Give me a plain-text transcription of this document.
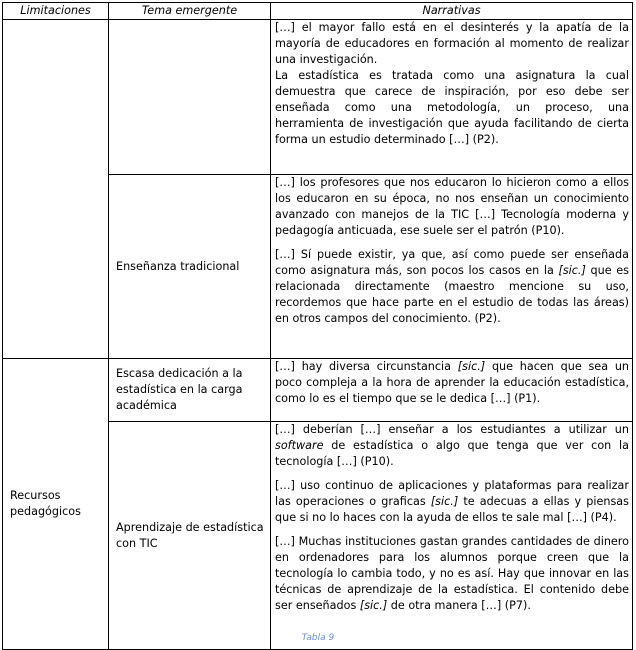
Limitaciones	Tema emergente	Narrativas

		[…] el mayor fallo está en el desinterés y la apatía de la mayoría de educadores en formación al momento de realizar una investigación.

La estadística es tratada como una asignatura la cual demuestra que carece de inspiración, por eso debe ser enseñada como una metodología, un proceso, una herramienta de investigación que ayuda facilitando de cierta forma un estudio determinado […] (P2).

	Enseñanza tradicional	[…] los profesores que nos educaron lo hicieron como a ellos los educaron en su época, no nos enseñan un conocimiento avanzado con manejos de la TIC […] Tecnología moderna y pedagogía anticuada, ese suele ser el patrón (P10).

[…] Sí puede existir, ya que, así como puede ser enseñada como asignatura más, son pocos los casos en la [sic.] que es relacionada directamente (maestro mencione su uso, recordemos que hace parte en el estudio de todas las áreas) en otros campos del conocimiento. (P2).

Recursos pedagógicos	Escasa dedicación a la estadística en la carga académica	[…] hay diversa circunstancia [sic.] que hacen que sea un poco compleja a la hora de aprender la educación estadística, como lo es el tiempo que se le dedica […] (P1).

	Aprendizaje de estadística con TIC	[…] deberían […] enseñar a los estudiantes a utilizar un software de estadística o algo que tenga que ver con la tecnología […] (P10).

[…] uso continuo de aplicaciones y plataformas para realizar las operaciones o graficas [sic.] te adecuas a ellas y piensas que si no lo haces con la ayuda de ellos te sale mal […] (P4).

[…] Muchas instituciones gastan grandes cantidades de dinero en ordenadores para los alumnos porque creen que la tecnología lo cambia todo, y no es así. Hay que innovar en las técnicas de aprendizaje de la estadística. El contenido debe ser enseñados [sic.] de otra manera […] (P7).

Tabla 9
